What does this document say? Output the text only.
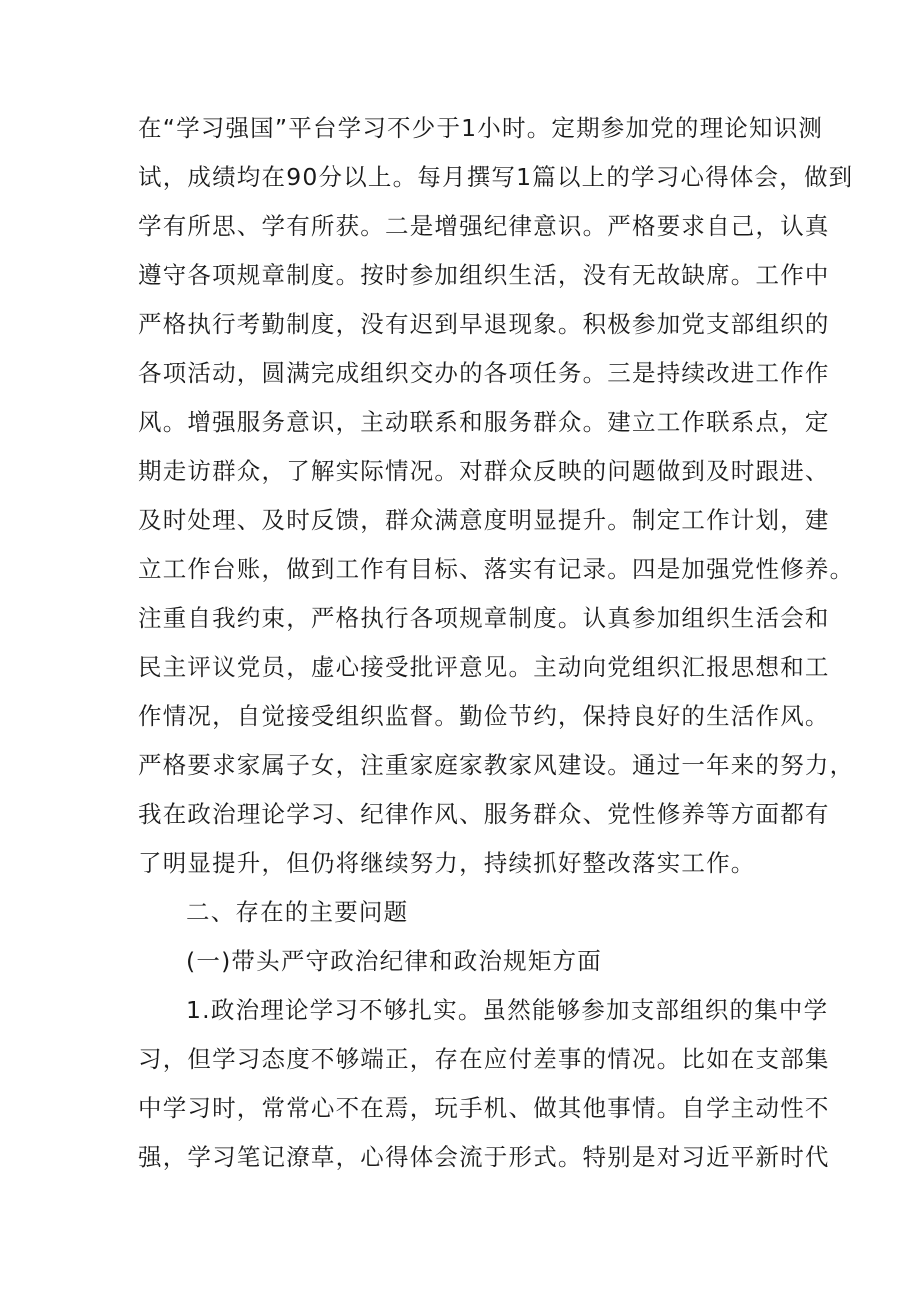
在“学习强国”平台学习不少于1小时。定期参加党的理论知识测
试，成绩均在90分以上。每月撰写1篇以上的学习心得体会，做到
学有所思、学有所获。二是增强纪律意识。严格要求自己，认真
遵守各项规章制度。按时参加组织生活，没有无故缺席。工作中
严格执行考勤制度，没有迟到早退现象。积极参加党支部组织的
各项活动，圆满完成组织交办的各项任务。三是持续改进工作作
风。增强服务意识，主动联系和服务群众。建立工作联系点，定
期走访群众，了解实际情况。对群众反映的问题做到及时跟进、
及时处理、及时反馈，群众满意度明显提升。制定工作计划，建
立工作台账，做到工作有目标、落实有记录。四是加强党性修养。
注重自我约束，严格执行各项规章制度。认真参加组织生活会和
民主评议党员，虚心接受批评意见。主动向党组织汇报思想和工
作情况，自觉接受组织监督。勤俭节约，保持良好的生活作风。
严格要求家属子女，注重家庭家教家风建设。通过一年来的努力，
我在政治理论学习、纪律作风、服务群众、党性修养等方面都有
了明显提升，但仍将继续努力，持续抓好整改落实工作。
二、存在的主要问题
(一)带头严守政治纪律和政治规矩方面
1.政治理论学习不够扎实。虽然能够参加支部组织的集中学
习，但学习态度不够端正，存在应付差事的情况。比如在支部集
中学习时，常常心不在焉，玩手机、做其他事情。自学主动性不
强，学习笔记潦草，心得体会流于形式。特别是对习近平新时代
